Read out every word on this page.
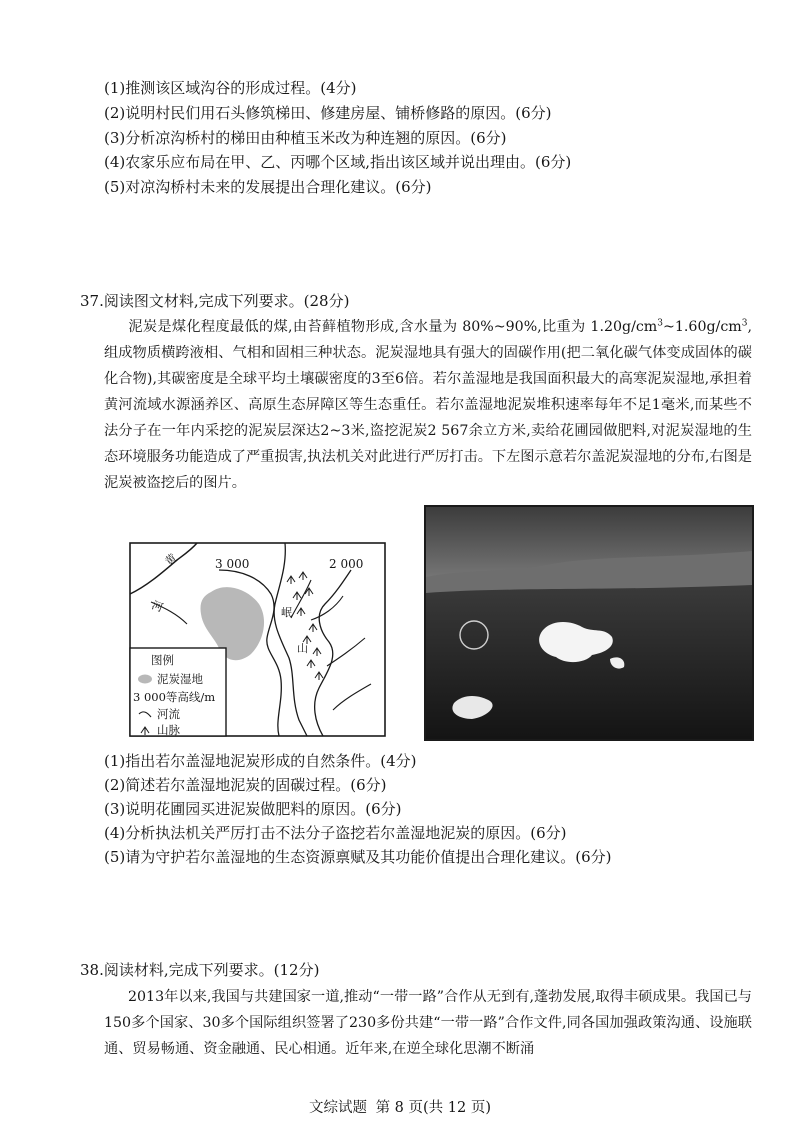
(1)推测该区域沟谷的形成过程。(4分)
(2)说明村民们用石头修筑梯田、修建房屋、铺桥修路的原因。(6分)
(3)分析凉沟桥村的梯田由种植玉米改为种连翘的原因。(6分)
(4)农家乐应布局在甲、乙、丙哪个区域,指出该区域并说出理由。(6分)
(5)对凉沟桥村未来的发展提出合理化建议。(6分)
37.阅读图文材料,完成下列要求。(28分)
泥炭是煤化程度最低的煤,由苔藓植物形成,含水量为 80%~90%,比重为 $1.20g/cm^3\sim 1.60g/cm^3$,组成物质横跨液相、气相和固相三种状态。泥炭湿地具有强大的固碳作用(把二氧化碳气体变成固体的碳化合物),其碳密度是全球平均土壤碳密度的3至6倍。若尔盖湿地是我国面积最大的高寒泥炭湿地,承担着黄河流域水源涵养区、高原生态屏障区等生态重任。若尔盖湿地泥炭堆积速率每年不足1毫米,而某些不法分子在一年内采挖的泥炭层深达2~3米,盗挖泥炭2 567余立方米,卖给花圃园做肥料,对泥炭湿地的生态环境服务功能造成了严重损害,执法机关对此进行严厉打击。下左图示意若尔盖泥炭湿地的分布,右图是泥炭被盗挖后的图片。
3 000	2 000
黄
河	岷
山
图例
泥炭湿地
3 000等高线/m
河流
山脉
(1)指出若尔盖湿地泥炭形成的自然条件。(4分)
(2)简述若尔盖湿地泥炭的固碳过程。(6分)
(3)说明花圃园买进泥炭做肥料的原因。(6分)
(4)分析执法机关严厉打击不法分子盗挖若尔盖湿地泥炭的原因。(6分)
(5)请为守护若尔盖湿地的生态资源禀赋及其功能价值提出合理化建议。(6分)
38.阅读材料,完成下列要求。(12分)
2013年以来,我国与共建国家一道,推动“一带一路”合作从无到有,蓬勃发展,取得丰硕成果。我国已与150多个国家、30多个国际组织签署了230多份共建“一带一路”合作文件,同各国加强政策沟通、设施联通、贸易畅通、资金融通、民心相通。近年来,在逆全球化思潮不断涌
文综试题 第 8 页(共 12 页)
